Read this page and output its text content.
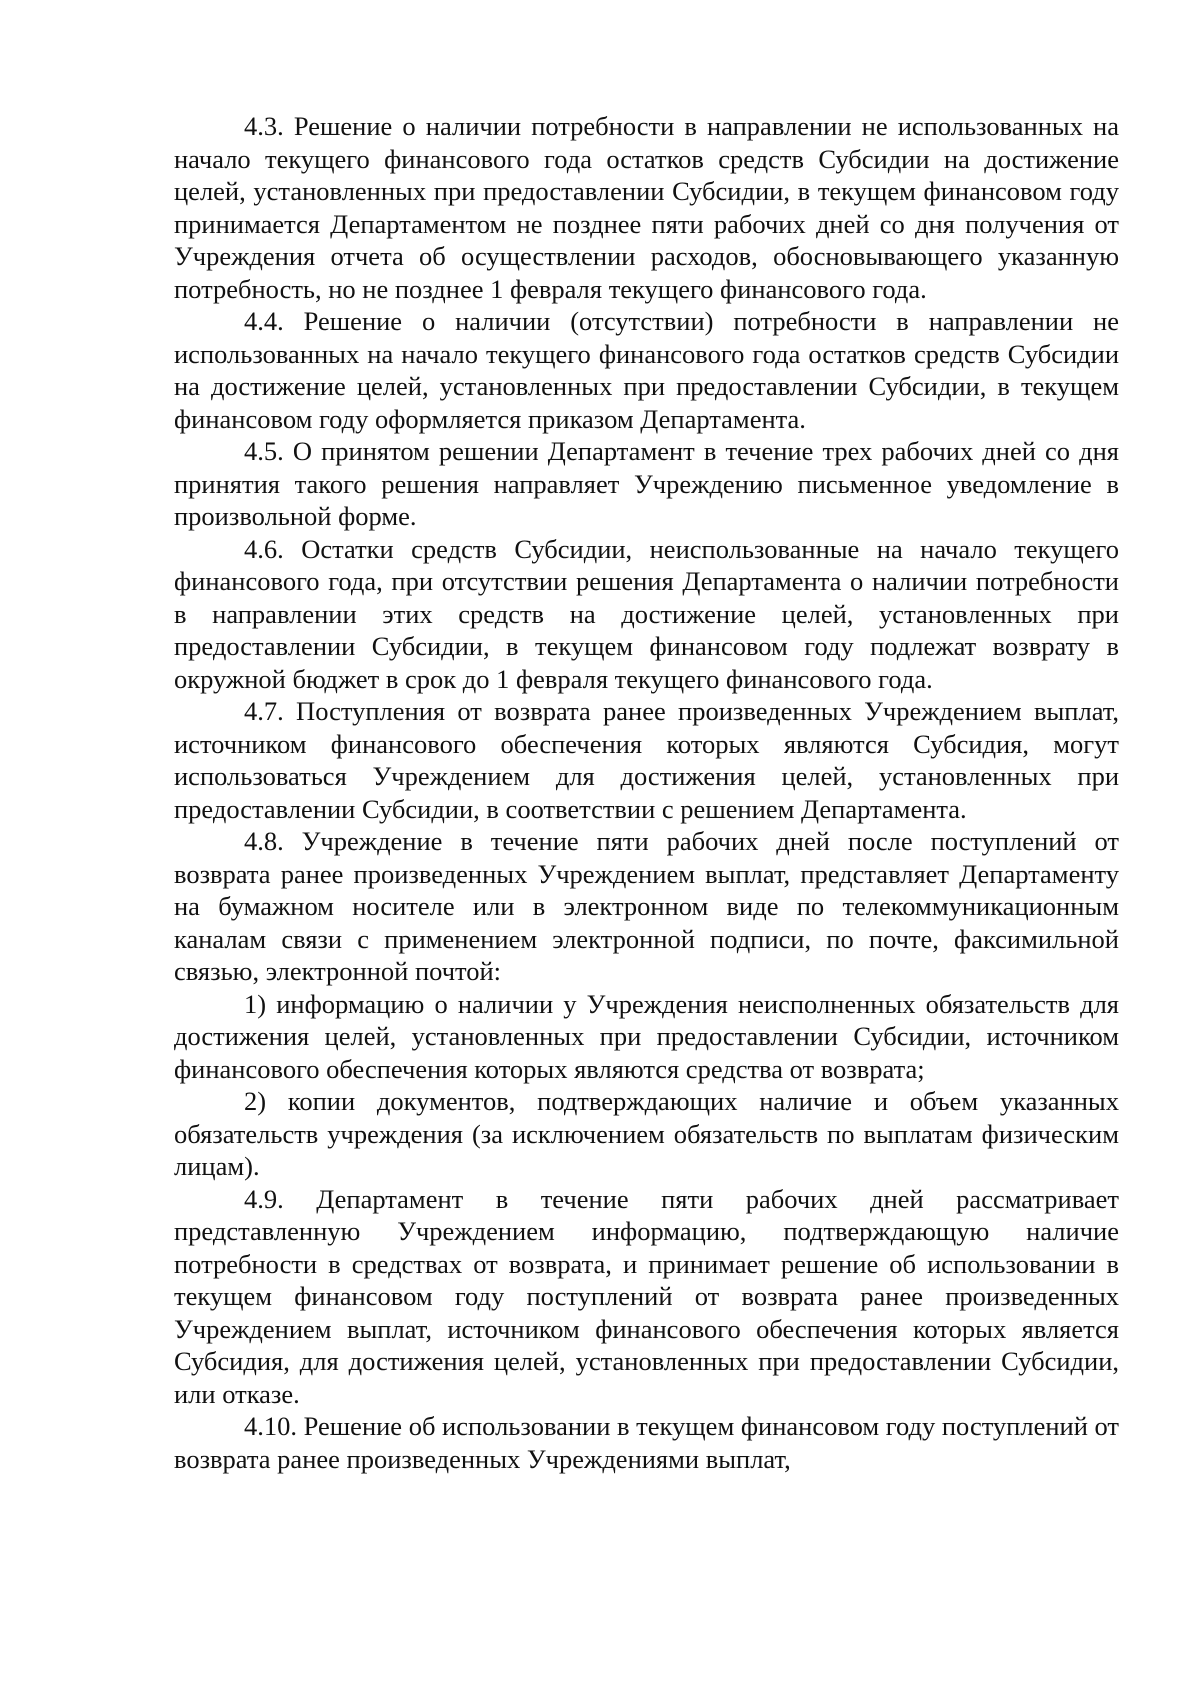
4.3. Решение о наличии потребности в направлении не использованных на начало текущего финансового года остатков средств Субсидии на достижение целей, установленных при предоставлении Субсидии, в текущем финансовом году принимается Департаментом не позднее пяти рабочих дней со дня получения от Учреждения отчета об осуществлении расходов, обосновывающего указанную потребность, но не позднее 1 февраля текущего финансового года.

4.4. Решение о наличии (отсутствии) потребности в направлении не использованных на начало текущего финансового года остатков средств Субсидии на достижение целей, установленных при предоставлении Субсидии, в текущем финансовом году оформляется приказом Департамента.

4.5. О принятом решении Департамент в течение трех рабочих дней со дня принятия такого решения направляет Учреждению письменное уведомление в произвольной форме.

4.6. Остатки средств Субсидии, неиспользованные на начало текущего финансового года, при отсутствии решения Департамента о наличии потребности в направлении этих средств на достижение целей, установленных при предоставлении Субсидии, в текущем финансовом году подлежат возврату в окружной бюджет в срок до 1 февраля текущего финансового года.

4.7. Поступления от возврата ранее произведенных Учреждением выплат, источником финансового обеспечения которых являются Субсидия, могут использоваться Учреждением для достижения целей, установленных при предоставлении Субсидии, в соответствии с решением Департамента.

4.8. Учреждение в течение пяти рабочих дней после поступлений от возврата ранее произведенных Учреждением выплат, представляет Департаменту на бумажном носителе или в электронном виде по телекоммуникационным каналам связи с применением электронной подписи, по почте, факсимильной связью, электронной почтой:

1) информацию о наличии у Учреждения неисполненных обязательств для достижения целей, установленных при предоставлении Субсидии, источником финансового обеспечения которых являются средства от возврата;

2) копии документов, подтверждающих наличие и объем указанных обязательств учреждения (за исключением обязательств по выплатам физическим лицам).

4.9. Департамент в течение пяти рабочих дней рассматривает представленную Учреждением информацию, подтверждающую наличие потребности в средствах от возврата, и принимает решение об использовании в текущем финансовом году поступлений от возврата ранее произведенных Учреждением выплат, источником финансового обеспечения которых является Субсидия, для достижения целей, установленных при предоставлении Субсидии, или отказе.

4.10. Решение об использовании в текущем финансовом году поступлений от возврата ранее произведенных Учреждениями выплат,
